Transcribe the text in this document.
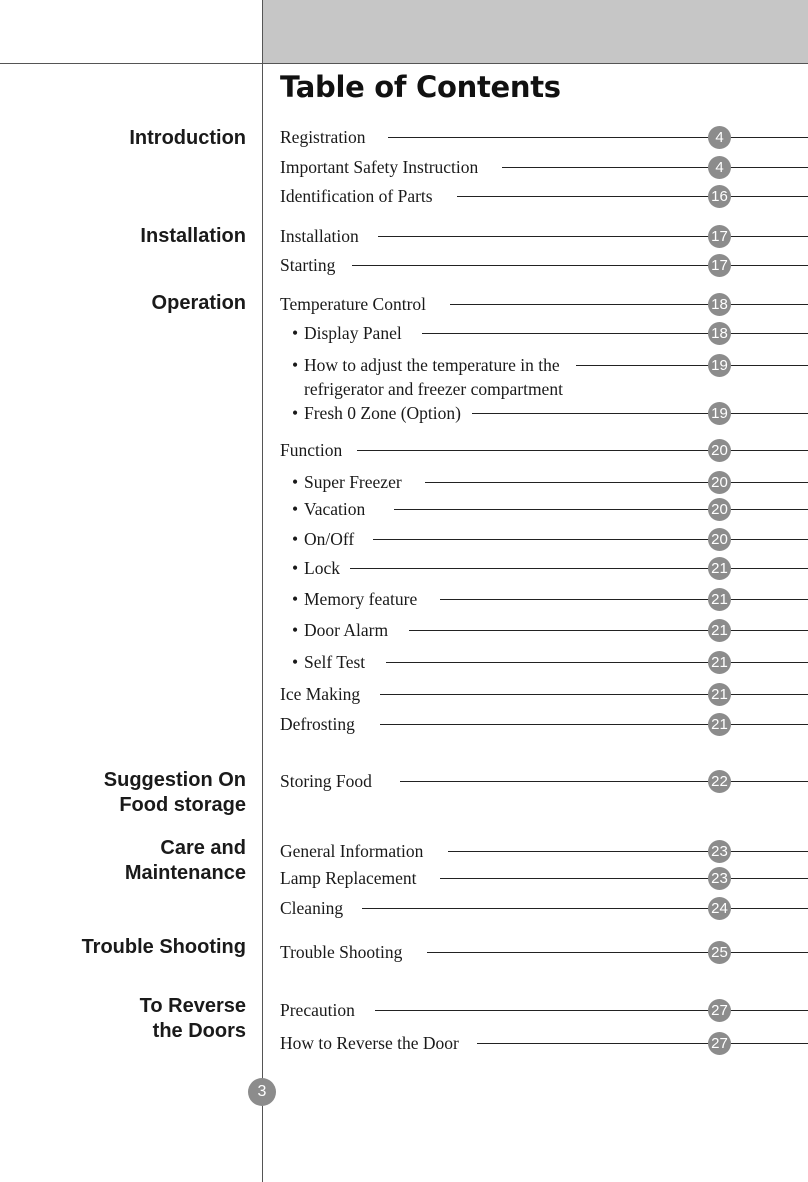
Table of Contents
Introduction
Installation
Operation
Suggestion On
Food storage
Care and
Maintenance
Trouble Shooting
To Reverse
the Doors
Registration	4
Important Safety Instruction	4
Identification of Parts	16
Installation	17
Starting	17
Temperature Control	18
• Display Panel	18
• How to adjust the temperature in the	19
refrigerator and freezer compartment
• Fresh 0 Zone (Option)	19
Function	20
• Super Freezer	20
• Vacation	20
• On/Off	20
• Lock	21
• Memory feature	21
• Door Alarm	21
• Self Test	21
Ice Making	21
Defrosting	21
Storing Food	22
General Information	23
Lamp Replacement	23
Cleaning	24
Trouble Shooting	25
Precaution	27
How to Reverse the Door	27
3
